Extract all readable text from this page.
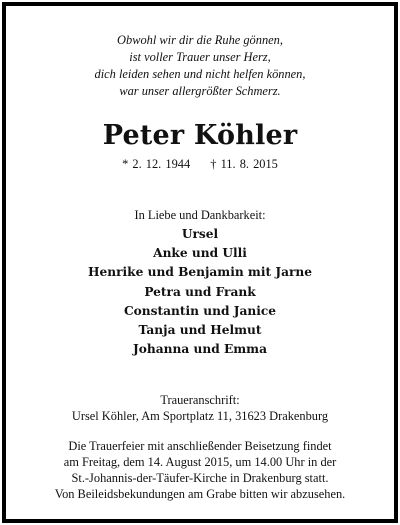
Obwohl wir dir die Ruhe gönnen,
ist voller Trauer unser Herz,
dich leiden sehen und nicht helfen können,
war unser allergrößter Schmerz.
Peter Köhler
* 2. 12. 1944 † 11. 8. 2015
In Liebe und Dankbarkeit:
Ursel
Anke und Ulli
Henrike und Benjamin mit Jarne
Petra und Frank
Constantin und Janice
Tanja und Helmut
Johanna und Emma
Traueranschrift:
Ursel Köhler, Am Sportplatz 11, 31623 Drakenburg
Die Trauerfeier mit anschließender Beisetzung findet
am Freitag, dem 14. August 2015, um 14.00 Uhr in der
St.-Johannis-der-Täufer-Kirche in Drakenburg statt.
Von Beileidsbekundungen am Grabe bitten wir abzusehen.
